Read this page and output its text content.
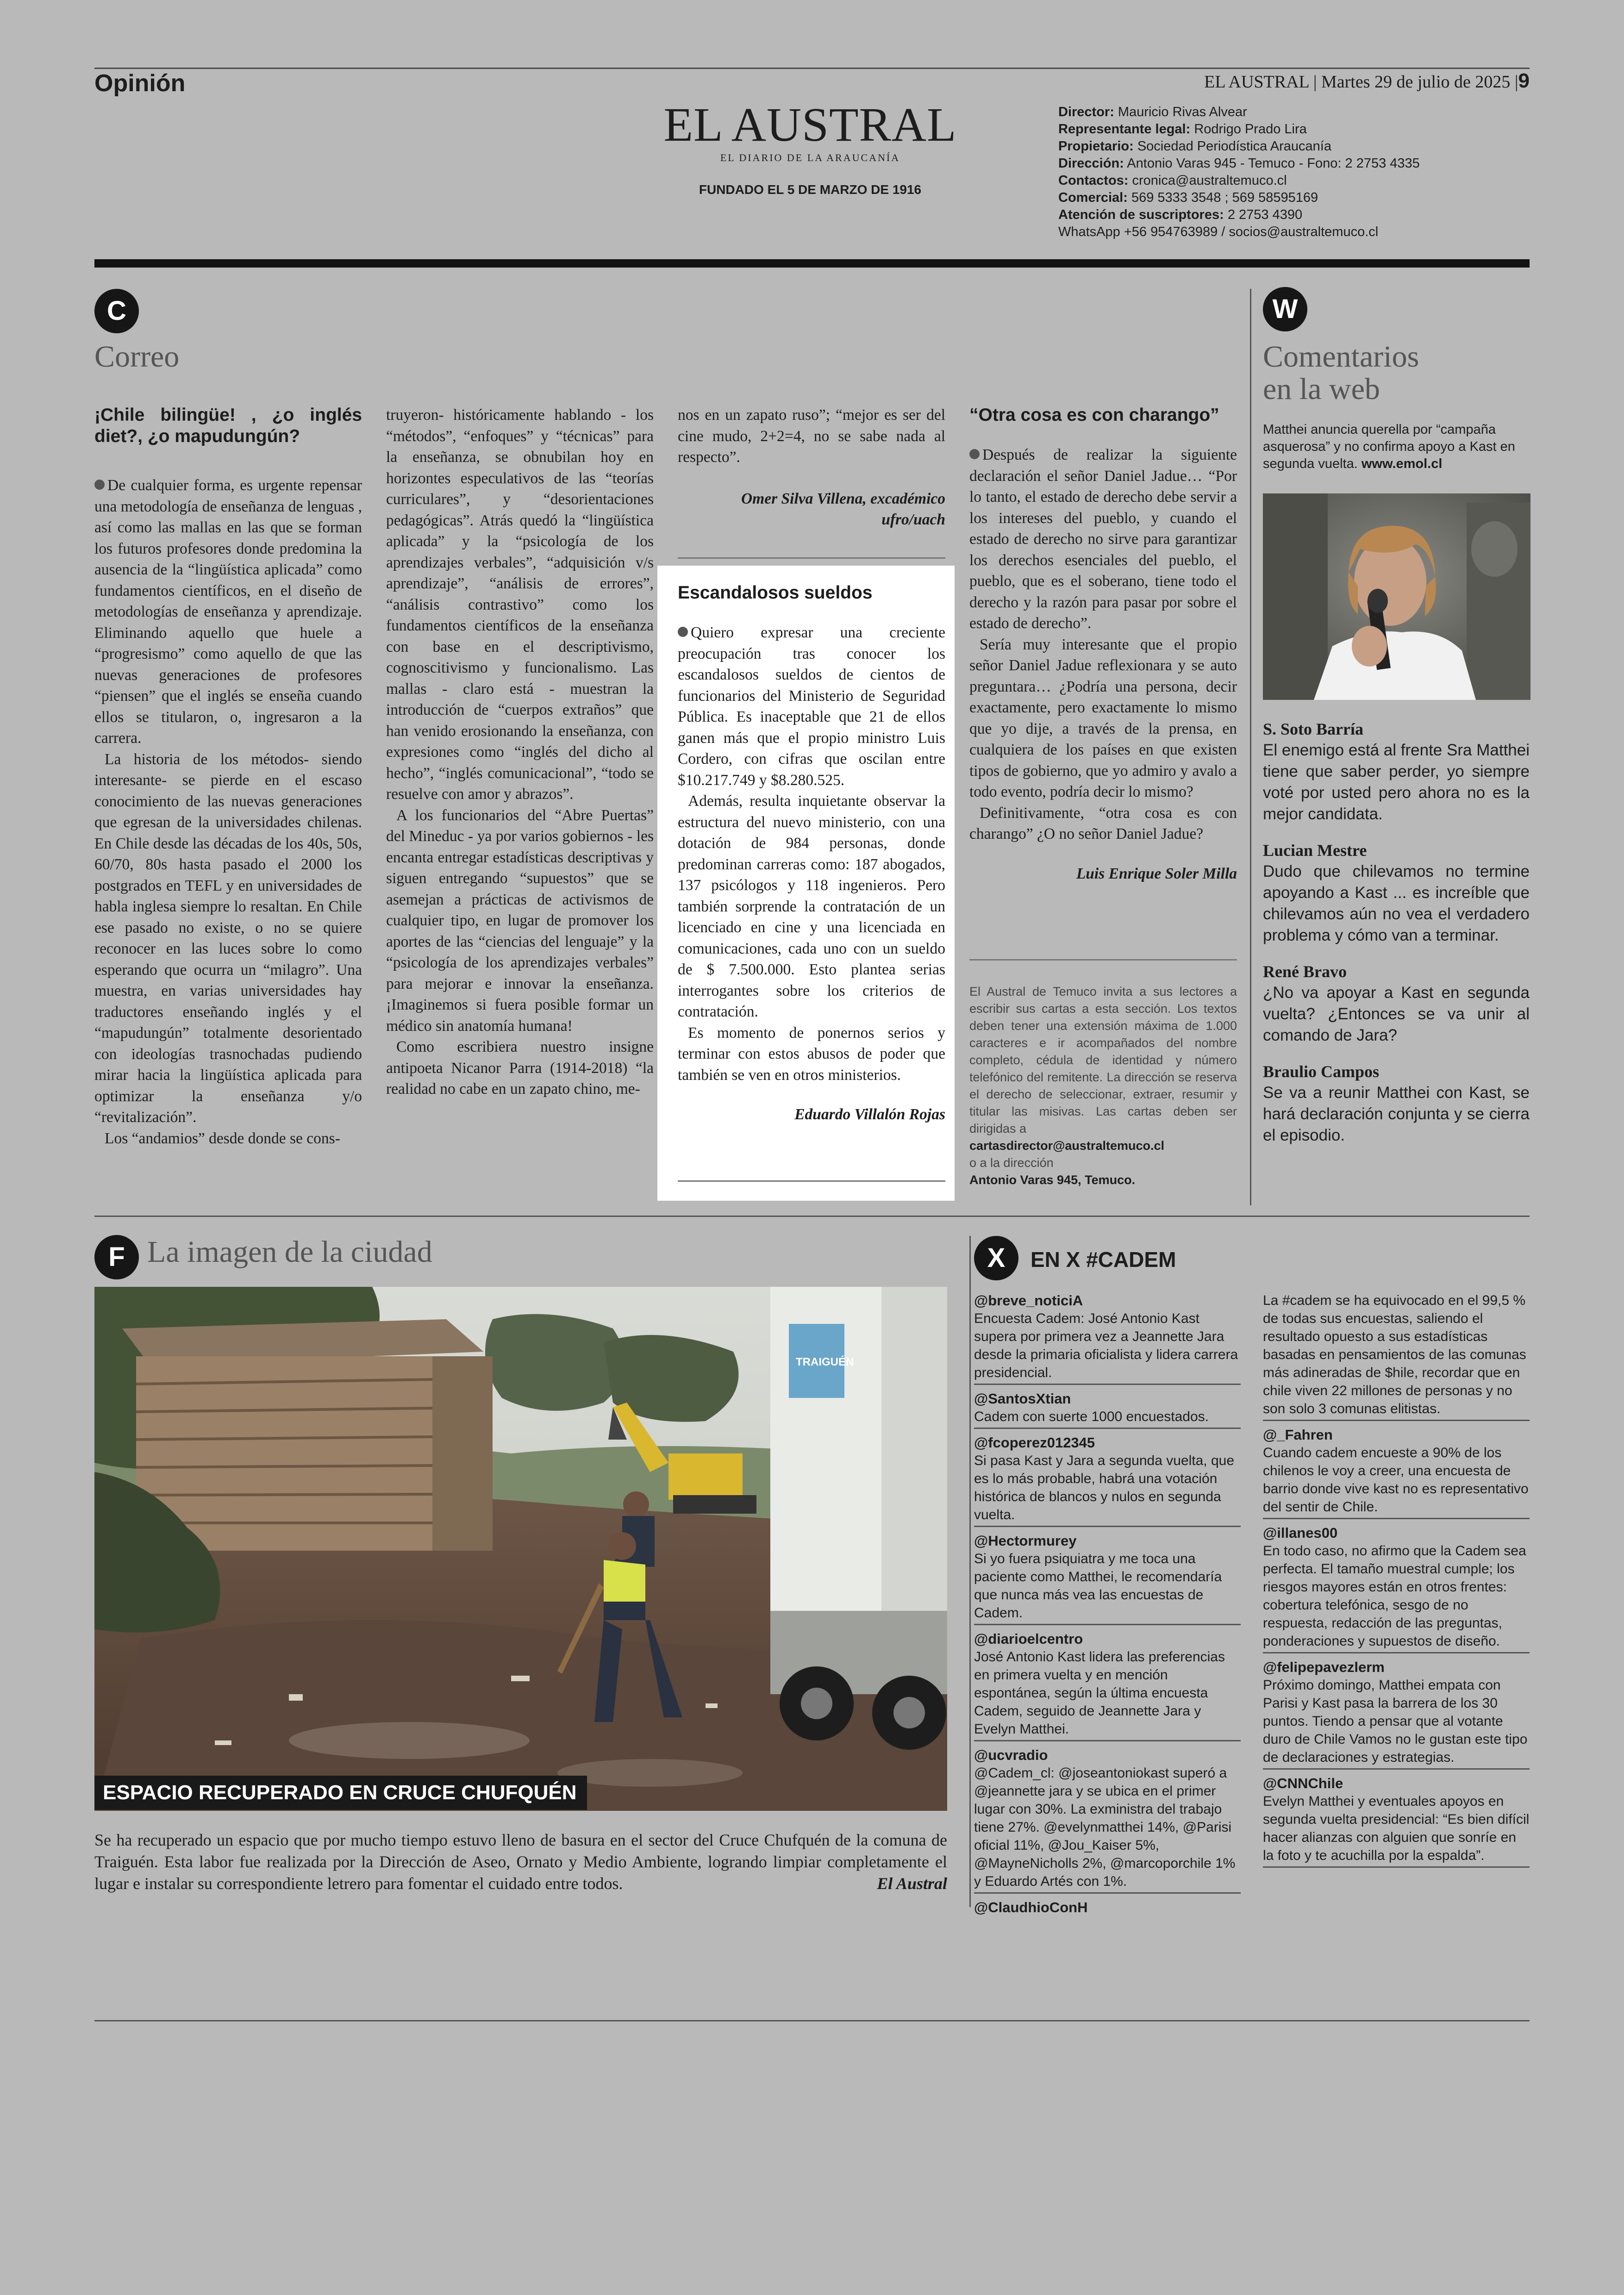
Opinión	EL AUSTRAL | Martes 29 de julio de 2025 |9
EL AUSTRAL
EL DIARIO DE LA ARAUCANÍA
FUNDADO EL 5 DE MARZO DE 1916
Director: Mauricio Rivas Alvear
Representante legal: Rodrigo Prado Lira
Propietario: Sociedad Periodística Araucanía
Dirección: Antonio Varas 945 - Temuco - Fono: 2 2753 4335
Contactos: cronica@australtemuco.cl
Comercial: 569 5333 3548 ; 569 58595169
Atención de suscriptores: 2 2753 4390
WhatsApp +56 954763989 / socios@australtemuco.cl
C
Correo
¡Chile bilingüe! , ¿o inglés diet?, ¿o mapudungún?

De cualquier forma, es urgente repensar una metodología de enseñanza de lenguas , así como las mallas en las que se forman los futuros profesores donde predomina la ausencia de la “lingüística aplicada” como fundamentos científicos, en el diseño de metodologías de enseñanza y aprendizaje. Eliminando aquello que huele a “progresismo” como aquello de que las nuevas generaciones de profesores “piensen” que el inglés se enseña cuando ellos se titularon, o, ingresaron a la carrera.

La historia de los métodos- siendo interesante- se pierde en el escaso conocimiento de las nuevas generaciones que egresan de la universidades chilenas. En Chile desde las décadas de los 40s, 50s, 60/70, 80s hasta pasado el 2000 los postgrados en TEFL y en universidades de habla inglesa siempre lo resaltan. En Chile ese pasado no existe, o no se quiere reconocer en las luces sobre lo como esperando que ocurra un “milagro”. Una muestra, en varias universidades hay traductores enseñando inglés y el “mapudungún” totalmente desorientado con ideologías trasnochadas pudiendo mirar hacia la lingüística aplicada para optimizar la enseñanza y/o “revitalización”.

Los “andamios” desde donde se cons-

truyeron- históricamente hablando - los “métodos”, “enfoques” y “técnicas” para la enseñanza, se obnubilan hoy en horizontes especulativos de las “teorías curriculares”, y “desorientaciones pedagógicas”. Atrás quedó la “lingüística aplicada” y la “psicología de los aprendizajes verbales”, “adquisición v/s aprendizaje”, “análisis de errores”, “análisis contrastivo” como los fundamentos científicos de la enseñanza con base en el descriptivismo, cognoscitivismo y funcionalismo. Las mallas - claro está - muestran la introducción de “cuerpos extraños” que han venido erosionando la enseñanza, con expresiones como “inglés del dicho al hecho”, “inglés comunicacional”, “todo se resuelve con amor y abrazos”.

A los funcionarios del “Abre Puertas” del Mineduc - ya por varios gobiernos - les encanta entregar estadísticas descriptivas y siguen entregando “supuestos” que se asemejan a prácticas de activismos de cualquier tipo, en lugar de promover los aportes de las “ciencias del lenguaje” y la “psicología de los aprendizajes verbales” para mejorar e innovar la enseñanza. ¡Imaginemos si fuera posible formar un médico sin anatomía humana!

Como escribiera nuestro insigne antipoeta Nicanor Parra (1914-2018) “la realidad no cabe en un zapato chino, me-

nos en un zapato ruso”; “mejor es ser del cine mudo, 2+2=4, no se sabe nada al respecto”.

Omer Silva Villena, excadémico
ufro/uach
Escandalosos sueldos

Quiero expresar una creciente preocupación tras conocer los escandalosos sueldos de cientos de funcionarios del Ministerio de Seguridad Pública. Es inaceptable que 21 de ellos ganen más que el propio ministro Luis Cordero, con cifras que oscilan entre $10.217.749 y $8.280.525.

Además, resulta inquietante observar la estructura del nuevo ministerio, con una dotación de 984 personas, donde predominan carreras como: 187 abogados, 137 psicólogos y 118 ingenieros. Pero también sorprende la contratación de un licenciado en cine y una licenciada en comunicaciones, cada uno con un sueldo de $ 7.500.000. Esto plantea serias interrogantes sobre los criterios de contratación.

Es momento de ponernos serios y terminar con estos abusos de poder que también se ven en otros ministerios.

Eduardo Villalón Rojas
“Otra cosa es con charango”

Después de realizar la siguiente declaración el señor Daniel Jadue… “Por lo tanto, el estado de derecho debe servir a los intereses del pueblo, y cuando el estado de derecho no sirve para garantizar los derechos esenciales del pueblo, el pueblo, que es el soberano, tiene todo el derecho y la razón para pasar por sobre el estado de derecho”.

Sería muy interesante que el propio señor Daniel Jadue reflexionara y se auto preguntara… ¿Podría una persona, decir exactamente, pero exactamente lo mismo que yo dije, a través de la prensa, en cualquiera de los países en que existen tipos de gobierno, que yo admiro y avalo a todo evento, podría decir lo mismo?

Definitivamente, “otra cosa es con charango” ¿O no señor Daniel Jadue?

Luis Enrique Soler Milla
El Austral de Temuco invita a sus lectores a escribir sus cartas a esta sección. Los textos deben tener una extensión máxima de 1.000 caracteres e ir acompañados del nombre completo, cédula de identidad y número telefónico del remitente. La dirección se reserva el derecho de seleccionar, extraer, resumir y titular las misivas. Las cartas deben ser dirigidas a
cartasdirector@australtemuco.cl
o a la dirección
Antonio Varas 945, Temuco.
W
Comentarios
en la web
Matthei anuncia querella por “campaña asquerosa” y no confirma apoyo a Kast en segunda vuelta. www.emol.cl
S. Soto Barría
El enemigo está al frente Sra Matthei tiene que saber perder, yo siempre voté por usted pero ahora no es la mejor candidata.
Lucian Mestre
Dudo que chilevamos no termine apoyando a Kast ... es increíble que chilevamos aún no vea el verdadero problema y cómo van a terminar.
René Bravo
¿No va apoyar a Kast en segunda vuelta? ¿Entonces se va unir al comando de Jara?
Braulio Campos
Se va a reunir Matthei con Kast, se hará declaración conjunta y se cierra el episodio.
F La imagen de la ciudad
TRAIGUÉN
ESPACIO RECUPERADO EN CRUCE CHUFQUÉN
Se ha recuperado un espacio que por mucho tiempo estuvo lleno de basura en el sector del Cruce Chufquén de la comuna de Traiguén. Esta labor fue realizada por la Dirección de Aseo, Ornato y Medio Ambiente, logrando limpiar completamente el lugar e instalar su correspondiente letrero para fomentar el cuidado entre todos.	El Austral
X	EN X #CADEM
@breve_noticiA
Encuesta Cadem: José Antonio Kast supera por primera vez a Jeannette Jara desde la primaria oficialista y lidera carrera presidencial.
@SantosXtian
Cadem con suerte 1000 encuestados.
@fcoperez012345
Si pasa Kast y Jara a segunda vuelta, que es lo más probable, habrá una votación histórica de blancos y nulos en segunda vuelta.
@Hectormurey
Si yo fuera psiquiatra y me toca una paciente como Matthei, le recomendaría que nunca más vea las encuestas de Cadem.
@diarioelcentro
José Antonio Kast lidera las preferencias en primera vuelta y en mención espontánea, según la última encuesta Cadem, seguido de Jeannette Jara y Evelyn Matthei.
@ucvradio
@Cadem_cl: @joseantoniokast superó a @jeannette jara y se ubica en el primer lugar con 30%. La exministra del trabajo tiene 27%. @evelynmatthei 14%, @Parisi oficial 11%, @Jou_Kaiser 5%, @MayneNicholls 2%, @marcoporchile 1% y Eduardo Artés con 1%.
@ClaudhioConH
La #cadem se ha equivocado en el 99,5 % de todas sus encuestas, saliendo el resultado opuesto a sus estadísticas basadas en pensamientos de las comunas más adineradas de $hile, recordar que en chile viven 22 millones de personas y no son solo 3 comunas elitistas.
@_Fahren
Cuando cadem encueste a 90% de los chilenos le voy a creer, una encuesta de barrio donde vive kast no es representativo del sentir de Chile.
@illanes00
En todo caso, no afirmo que la Cadem sea perfecta. El tamaño muestral cumple; los riesgos mayores están en otros frentes: cobertura telefónica, sesgo de no respuesta, redacción de las preguntas, ponderaciones y supuestos de diseño.
@felipepavezlerm
Próximo domingo, Matthei empata con Parisi y Kast pasa la barrera de los 30 puntos. Tiendo a pensar que al votante duro de Chile Vamos no le gustan este tipo de declaraciones y estrategias.
@CNNChile
Evelyn Matthei y eventuales apoyos en segunda vuelta presidencial: “Es bien difícil hacer alianzas con alguien que sonríe en la foto y te acuchilla por la espalda”.
